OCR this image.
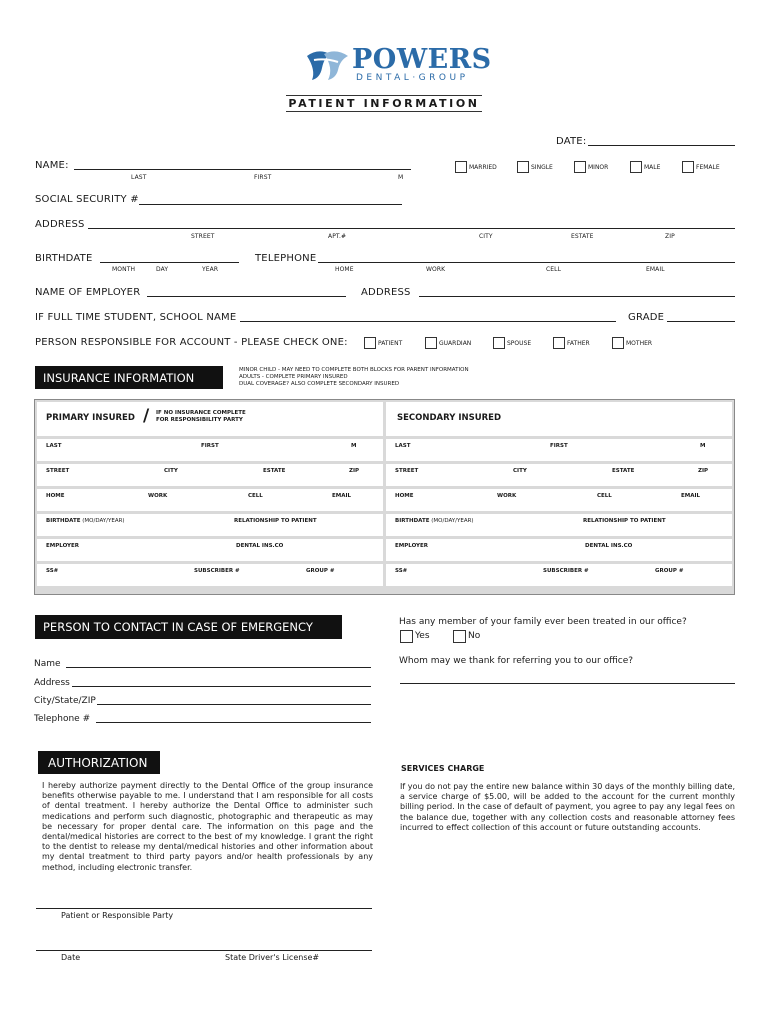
POWERS
DENTAL·GROUP
PATIENT INFORMATION
DATE:
NAME:
LAST	FIRST	M
MARRIED	SINGLE	MINOR	MALE	FEMALE
SOCIAL SECURITY #
ADDRESS
STREET	APT.#	CITY	ESTATE	ZIP
BIRTHDATE
MONTH	DAY	YEAR
TELEPHONE
HOME	WORK	CELL	EMAIL
NAME OF EMPLOYER	ADDRESS
IF FULL TIME STUDENT, SCHOOL NAME	GRADE
PERSON RESPONSIBLE FOR ACCOUNT - PLEASE CHECK ONE:	PATIENT	GUARDIAN	SPOUSE	FATHER	MOTHER
INSURANCE INFORMATION
MINOR CHILD - MAY NEED TO COMPLETE BOTH BLOCKS FOR PARENT INFORMATION
ADULTS - COMPLETE PRIMARY INSURED
DUAL COVERAGE? ALSO COMPLETE SECONDARY INSURED
PRIMARY INSURED / IF NO INSURANCE COMPLETE
FOR RESPONSIBILITY PARTY	SECONDARY INSURED
LAST	FIRST	M
STREET	CITY	ESTATE	ZIP
HOME	WORK	CELL	EMAIL
BIRTHDATE (MO/DAY/YEAR)	RELATIONSHIP TO PATIENT
EMPLOYER	DENTAL INS.CO
SS#	SUBSCRIBER #	GROUP #
LAST	FIRST	M
STREET	CITY	ESTATE	ZIP
HOME	WORK	CELL	EMAIL
BIRTHDATE (MO/DAY/YEAR)	RELATIONSHIP TO PATIENT
EMPLOYER	DENTAL INS.CO
SS#	SUBSCRIBER #	GROUP #
PERSON TO CONTACT IN CASE OF EMERGENCY
Name
Address
City/State/ZIP
Telephone #
Has any member of your family ever been treated in our office?
Yes	No
Whom may we thank for referring you to our office?
AUTHORIZATION
I hereby authorize payment directly to the Dental Office of the group insurance benefits otherwise payable to me. I understand that I am responsible for all costs of dental treatment. I hereby authorize the Dental Office to administer such medications and perform such diagnostic, photographic and therapeutic as may be necessary for proper dental care. The information on this page and the dental/medical histories are correct to the best of my knowledge. I grant the right to the dentist to release my dental/medical histories and other information about my dental treatment to third party payors and/or health professionals by any method, including electronic transfer.
Patient or Responsible Party
Date	State Driver's License#
SERVICES CHARGE
If you do not pay the entire new balance within 30 days of the monthly billing date, a service charge of $5.00, will be added to the account for the current monthly billing period. In the case of default of payment, you agree to pay any legal fees on the balance due, together with any collection costs and reasonable attorney fees incurred to effect collection of this account or future outstanding accounts.
